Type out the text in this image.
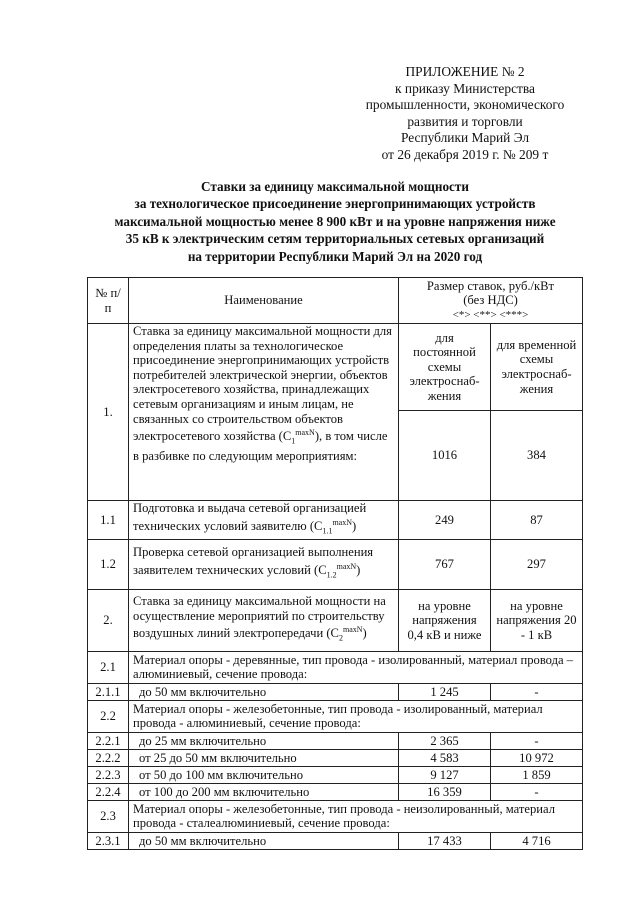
ПРИЛОЖЕНИЕ № 2
к приказу Министерства
промышленности, экономического
развития и торговли
Республики Марий Эл
от 26 декабря 2019 г. № 209 т
Ставки за единицу максимальной мощности
за технологическое присоединение энергопринимающих устройств
максимальной мощностью менее 8 900 кВт и на уровне напряжения ниже
35 кВ к электрическим сетям территориальных сетевых организаций
на территории Республики Марий Эл на 2020 год
№ п/п	Наименование	Размер ставок, руб./кВт (без НДС)
<*> <**> <***>	

1.	Ставка за единицу максимальной мощности для определения платы за технологическое присоединение энергопринимающих устройств потребителей электрической энергии, объектов электросетевого хозяйства, принадлежащих сетевым организациям и иным лицам, не связанных со строительством объектов электросетевого хозяйства $(С_1^{maxN})$, в том числе в разбивке по следующим мероприятиям:	для постоянной схемы электроснаб- жения	для временной схемы электроснаб- жения
		1016	384
1.1	Подготовка и выдача сетевой организацией технических условий заявителю $(С_{1.1}^{maxN})$	249	87
1.2	Проверка сетевой организацией выполнения заявителем технических условий $(С_{1.2}^{maxN})$	767	297
2.	Ставка за единицу максимальной мощности на осуществление мероприятий по строительству воздушных линий электропередачи $(С_2^{maxN})$	на уровне напряжения 0,4 кВ и ниже	на уровне напряжения 20 - 1 кВ
2.1	Материал опоры - деревянные, тип провода - изолированный, материал провода – алюминиевый, сечение провода:		
2.1.1	до 50 мм включительно	1 245	-
2.2	Материал опоры - железобетонные, тип провода - изолированный, материал провода - алюминиевый, сечение провода:		
2.2.1	до 25 мм включительно	2 365	-
2.2.2	от 25 до 50 мм включительно	4 583	10 972
2.2.3	от 50 до 100 мм включительно	9 127	1 859
2.2.4	от 100 до 200 мм включительно	16 359	-
2.3	Материал опоры - железобетонные, тип провода - неизолированный, материал провода - сталеалюминиевый, сечение провода:		
2.3.1	до 50 мм включительно	17 433	4 716
